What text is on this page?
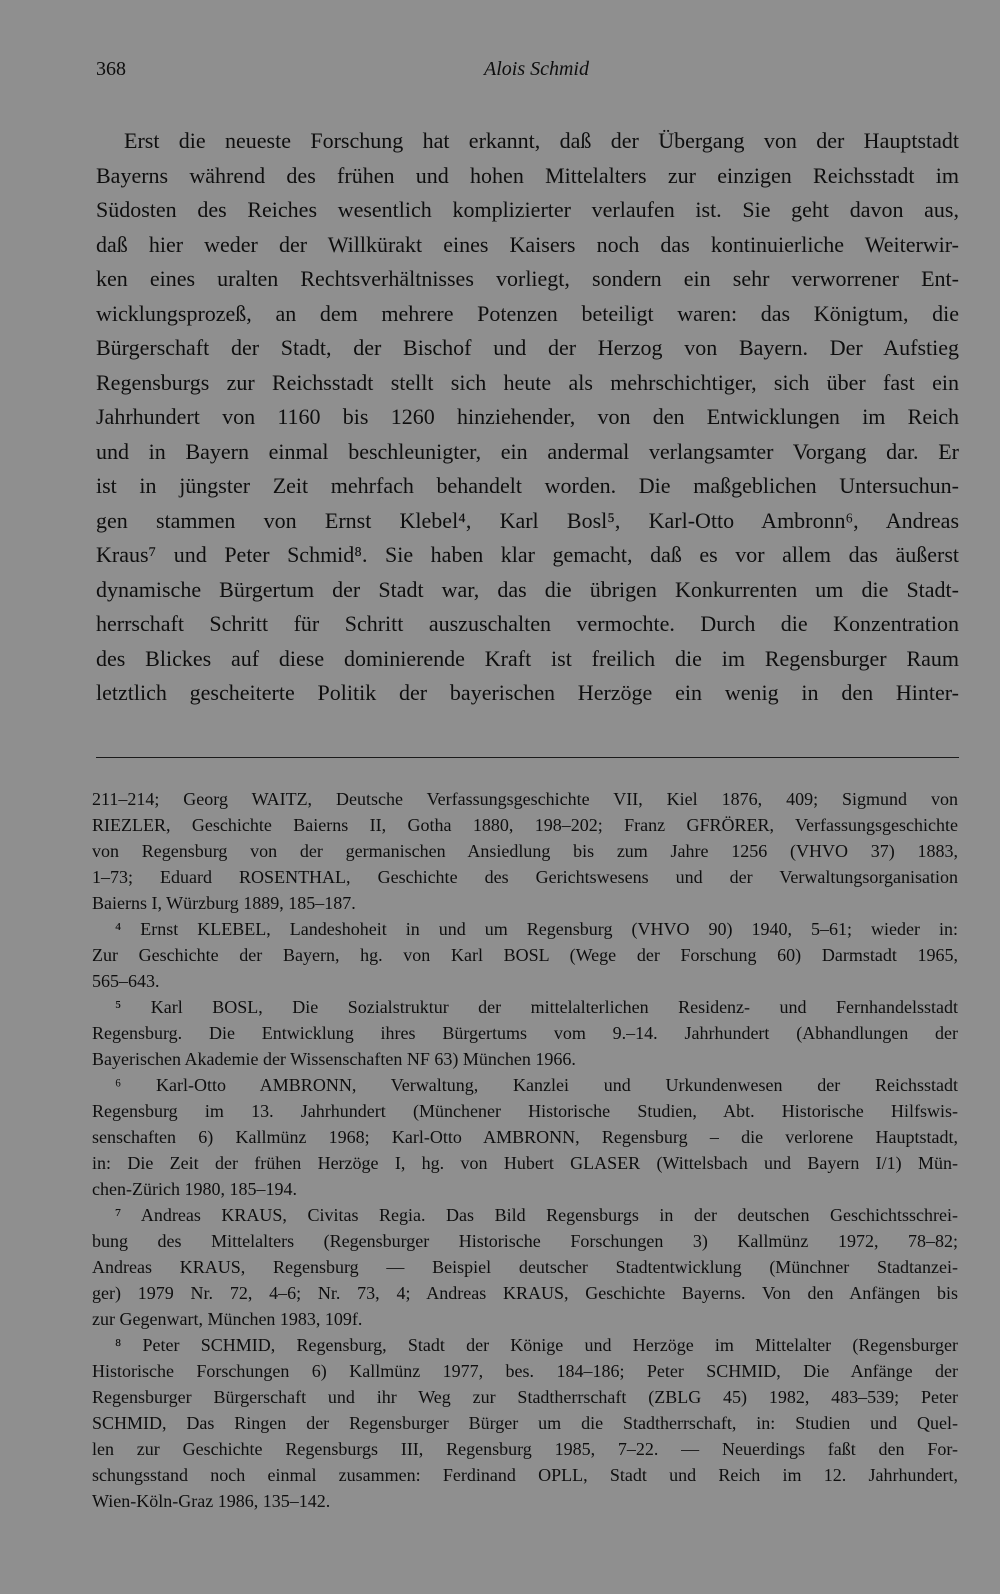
368	Alois Schmid
Erst die neueste Forschung hat erkannt, daß der Übergang von der Hauptstadt
Bayerns während des frühen und hohen Mittelalters zur einzigen Reichsstadt im
Südosten des Reiches wesentlich komplizierter verlaufen ist. Sie geht davon aus,
daß hier weder der Willkürakt eines Kaisers noch das kontinuierliche Weiterwir-
ken eines uralten Rechtsverhältnisses vorliegt, sondern ein sehr verworrener Ent-
wicklungsprozeß, an dem mehrere Potenzen beteiligt waren: das Königtum, die
Bürgerschaft der Stadt, der Bischof und der Herzog von Bayern. Der Aufstieg
Regensburgs zur Reichsstadt stellt sich heute als mehrschichtiger, sich über fast ein
Jahrhundert von 1160 bis 1260 hinziehender, von den Entwicklungen im Reich
und in Bayern einmal beschleunigter, ein andermal verlangsamter Vorgang dar. Er
ist in jüngster Zeit mehrfach behandelt worden. Die maßgeblichen Untersuchun-
gen stammen von Ernst Klebel⁴, Karl Bosl⁵, Karl-Otto Ambronn⁶, Andreas
Kraus⁷ und Peter Schmid⁸. Sie haben klar gemacht, daß es vor allem das äußerst
dynamische Bürgertum der Stadt war, das die übrigen Konkurrenten um die Stadt-
herrschaft Schritt für Schritt auszuschalten vermochte. Durch die Konzentration
des Blickes auf diese dominierende Kraft ist freilich die im Regensburger Raum
letztlich gescheiterte Politik der bayerischen Herzöge ein wenig in den Hinter-
211–214; Georg WAITZ, Deutsche Verfassungsgeschichte VII, Kiel 1876, 409; Sigmund von
RIEZLER, Geschichte Baierns II, Gotha 1880, 198–202; Franz GFRÖRER, Verfassungsgeschichte
von Regensburg von der germanischen Ansiedlung bis zum Jahre 1256 (VHVO 37) 1883,
1–73; Eduard ROSENTHAL, Geschichte des Gerichtswesens und der Verwaltungsorganisation
Baierns I, Würzburg 1889, 185–187.
⁴ Ernst KLEBEL, Landeshoheit in und um Regensburg (VHVO 90) 1940, 5–61; wieder in:
Zur Geschichte der Bayern, hg. von Karl BOSL (Wege der Forschung 60) Darmstadt 1965,
565–643.
⁵ Karl BOSL, Die Sozialstruktur der mittelalterlichen Residenz- und Fernhandelsstadt
Regensburg. Die Entwicklung ihres Bürgertums vom 9.–14. Jahrhundert (Abhandlungen der
Bayerischen Akademie der Wissenschaften NF 63) München 1966.
⁶ Karl-Otto AMBRONN, Verwaltung, Kanzlei und Urkundenwesen der Reichsstadt
Regensburg im 13. Jahrhundert (Münchener Historische Studien, Abt. Historische Hilfswis-
senschaften 6) Kallmünz 1968; Karl-Otto AMBRONN, Regensburg – die verlorene Hauptstadt,
in: Die Zeit der frühen Herzöge I, hg. von Hubert GLASER (Wittelsbach und Bayern I/1) Mün-
chen-Zürich 1980, 185–194.
⁷ Andreas KRAUS, Civitas Regia. Das Bild Regensburgs in der deutschen Geschichtsschrei-
bung des Mittelalters (Regensburger Historische Forschungen 3) Kallmünz 1972, 78–82;
Andreas KRAUS, Regensburg — Beispiel deutscher Stadtentwicklung (Münchner Stadtanzei-
ger) 1979 Nr. 72, 4–6; Nr. 73, 4; Andreas KRAUS, Geschichte Bayerns. Von den Anfängen bis
zur Gegenwart, München 1983, 109f.
⁸ Peter SCHMID, Regensburg, Stadt der Könige und Herzöge im Mittelalter (Regensburger
Historische Forschungen 6) Kallmünz 1977, bes. 184–186; Peter SCHMID, Die Anfänge der
Regensburger Bürgerschaft und ihr Weg zur Stadtherrschaft (ZBLG 45) 1982, 483–539; Peter
SCHMID, Das Ringen der Regensburger Bürger um die Stadtherrschaft, in: Studien und Quel-
len zur Geschichte Regensburgs III, Regensburg 1985, 7–22. — Neuerdings faßt den For-
schungsstand noch einmal zusammen: Ferdinand OPLL, Stadt und Reich im 12. Jahrhundert,
Wien-Köln-Graz 1986, 135–142.
